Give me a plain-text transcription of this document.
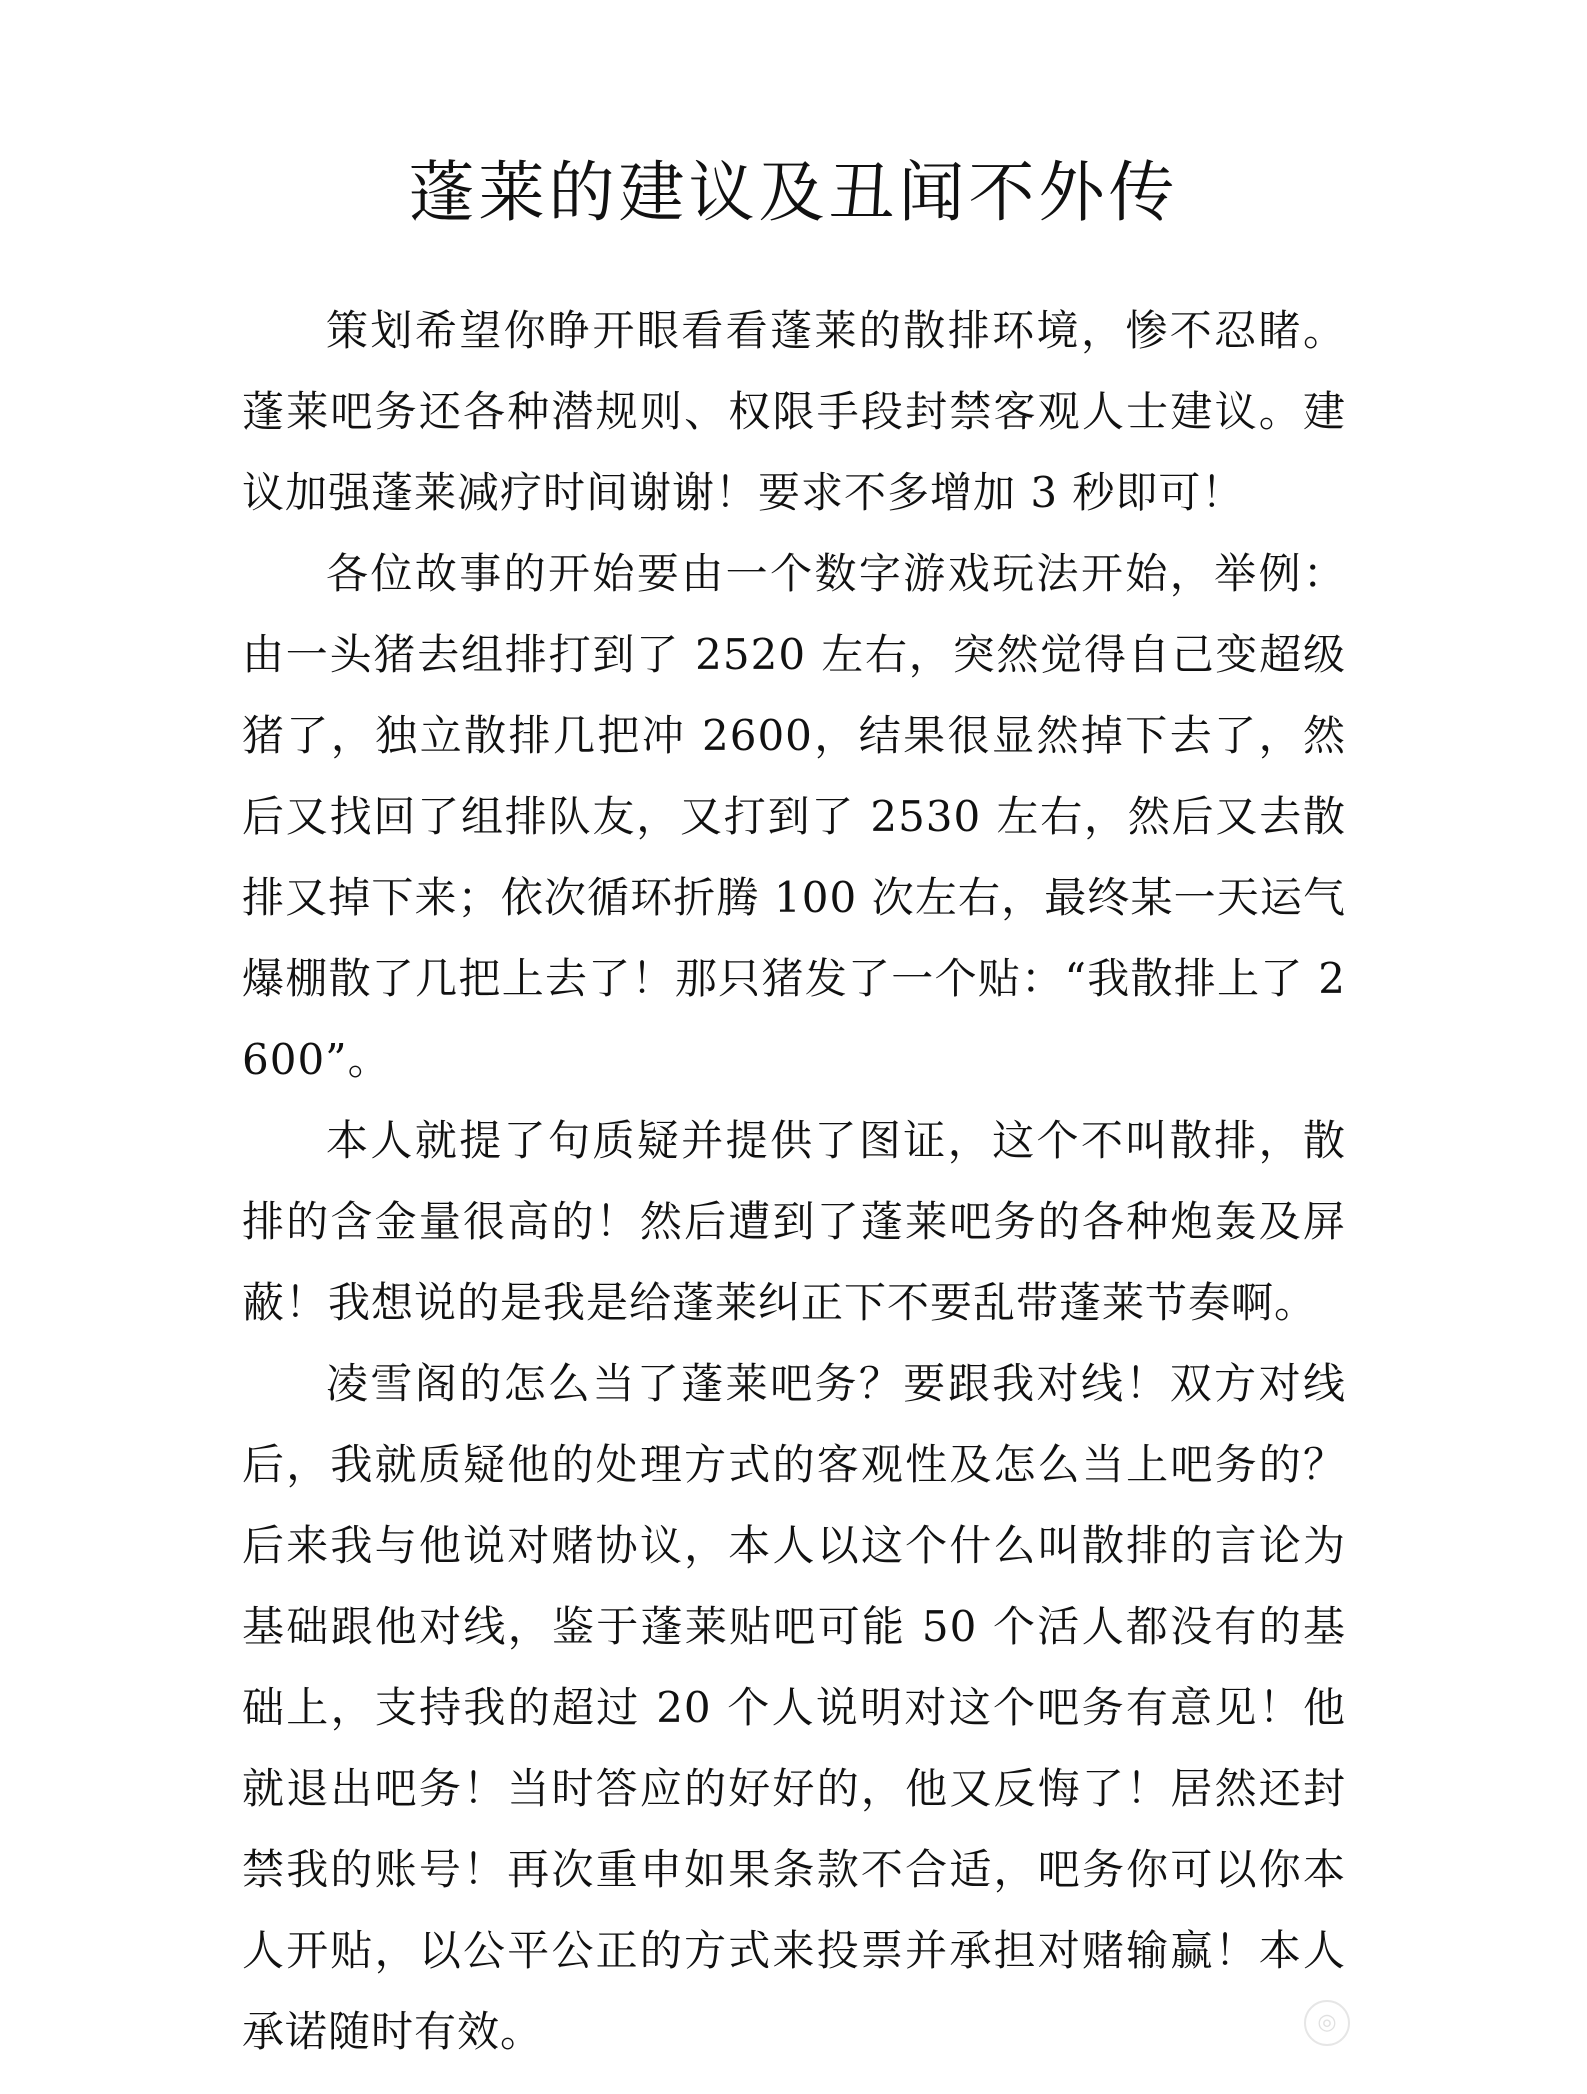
蓬莱的建议及丑闻不外传

策划希望你睁开眼看看蓬莱的散排环境，惨不忍睹。蓬莱吧务还各种潜规则、权限手段封禁客观人士建议。建议加强蓬莱减疗时间谢谢！要求不多增加 3 秒即可！

各位故事的开始要由一个数字游戏玩法开始，举例：由一头猪去组排打到了 2520 左右，突然觉得自己变超级猪了，独立散排几把冲 2600，结果很显然掉下去了，然后又找回了组排队友，又打到了 2530 左右，然后又去散排又掉下来；依次循环折腾 100 次左右，最终某一天运气爆棚散了几把上去了！那只猪发了一个贴：“我散排上了 2600”。

本人就提了句质疑并提供了图证，这个不叫散排，散排的含金量很高的！然后遭到了蓬莱吧务的各种炮轰及屏蔽！我想说的是我是给蓬莱纠正下不要乱带蓬莱节奏啊。

凌雪阁的怎么当了蓬莱吧务？要跟我对线！双方对线后，我就质疑他的处理方式的客观性及怎么当上吧务的？后来我与他说对赌协议，本人以这个什么叫散排的言论为基础跟他对线，鉴于蓬莱贴吧可能 50 个活人都没有的基础上，支持我的超过 20 个人说明对这个吧务有意见！他就退出吧务！当时答应的好好的，他又反悔了！居然还封禁我的账号！再次重申如果条款不合适，吧务你可以你本人开贴，以公平公正的方式来投票并承担对赌输赢！本人承诺随时有效。	◎
